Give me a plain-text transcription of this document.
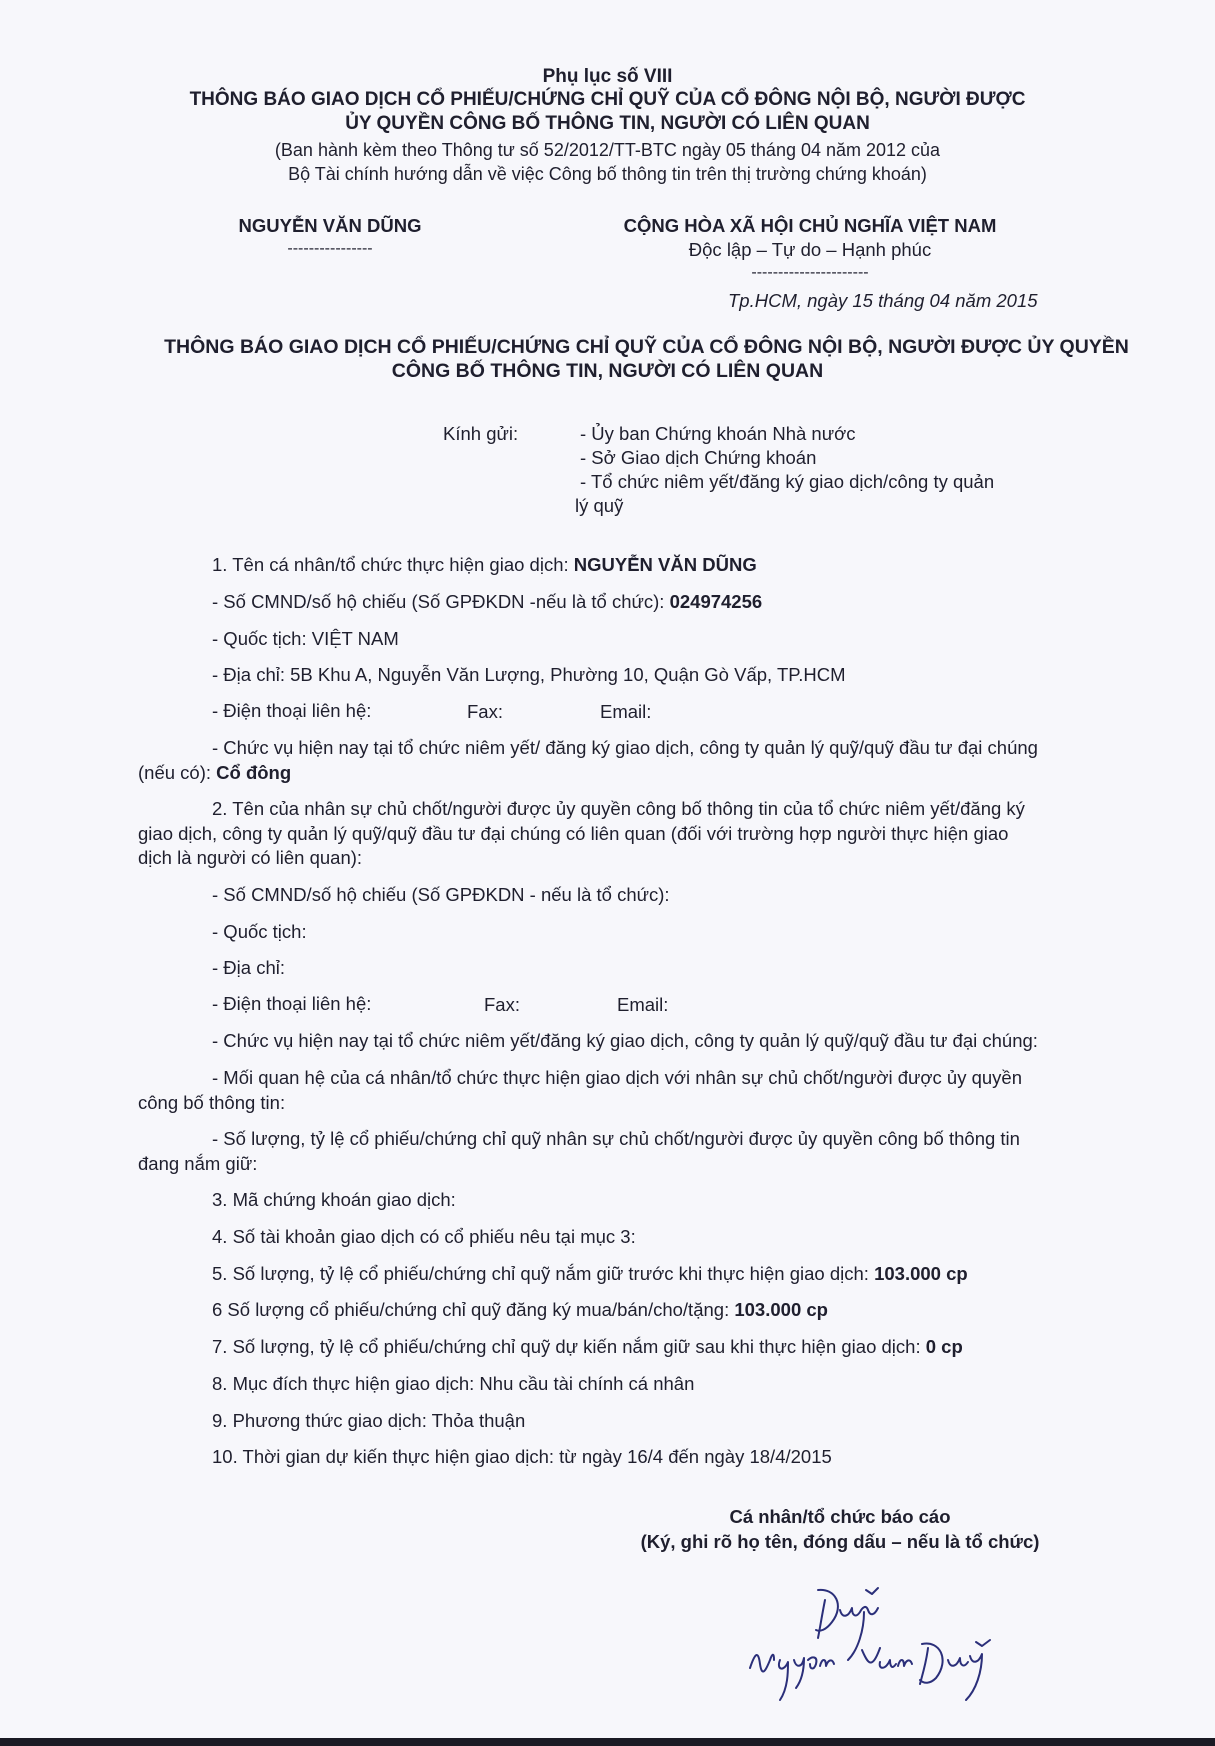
Phụ lục số VIII
THÔNG BÁO GIAO DỊCH CỔ PHIẾU/CHỨNG CHỈ QUỸ CỦA CỔ ĐÔNG NỘI BỘ, NGƯỜI ĐƯỢC
ỦY QUYỀN CÔNG BỐ THÔNG TIN, NGƯỜI CÓ LIÊN QUAN
(Ban hành kèm theo Thông tư số 52/2012/TT-BTC ngày 05 tháng 04 năm 2012 của
Bộ Tài chính hướng dẫn về việc Công bố thông tin trên thị trường chứng khoán)
NGUYỄN VĂN DŨNG
----------------
CỘNG HÒA XÃ HỘI CHỦ NGHĨA VIỆT NAM
Độc lập – Tự do – Hạnh phúc
----------------------
Tp.HCM, ngày 15 tháng 04 năm 2015
THÔNG BÁO GIAO DỊCH CỔ PHIẾU/CHỨNG CHỈ QUỸ CỦA CỔ ĐÔNG NỘI BỘ, NGƯỜI ĐƯỢC ỦY QUYỀN
CÔNG BỐ THÔNG TIN, NGƯỜI CÓ LIÊN QUAN
Kính gửi:	- Ủy ban Chứng khoán Nhà nước
- Sở Giao dịch Chứng khoán
- Tổ chức niêm yết/đăng ký giao dịch/công ty quản
lý quỹ
1. Tên cá nhân/tổ chức thực hiện giao dịch: NGUYỄN VĂN DŨNG
- Số CMND/số hộ chiếu (Số GPĐKDN -nếu là tổ chức): 024974256
- Quốc tịch: VIỆT NAM
- Địa chỉ: 5B Khu A, Nguyễn Văn Lượng, Phường 10, Quận Gò Vấp, TP.HCM
- Điện thoại liên hệ:	Fax:	Email:
- Chức vụ hiện nay tại tổ chức niêm yết/ đăng ký giao dịch, công ty quản lý quỹ/quỹ đầu tư đại chúng
(nếu có): Cổ đông
2. Tên của nhân sự chủ chốt/người được ủy quyền công bố thông tin của tổ chức niêm yết/đăng ký
giao dịch, công ty quản lý quỹ/quỹ đầu tư đại chúng có liên quan (đối với trường hợp người thực hiện giao
dịch là người có liên quan):
- Số CMND/số hộ chiếu (Số GPĐKDN - nếu là tổ chức):
- Quốc tịch:
- Địa chỉ:
- Điện thoại liên hệ:	Fax:	Email:
- Chức vụ hiện nay tại tổ chức niêm yết/đăng ký giao dịch, công ty quản lý quỹ/quỹ đầu tư đại chúng:
- Mối quan hệ của cá nhân/tổ chức thực hiện giao dịch với nhân sự chủ chốt/người được ủy quyền
công bố thông tin:
- Số lượng, tỷ lệ cổ phiếu/chứng chỉ quỹ nhân sự chủ chốt/người được ủy quyền công bố thông tin
đang nắm giữ:
3. Mã chứng khoán giao dịch:
4. Số tài khoản giao dịch có cổ phiếu nêu tại mục 3:
5. Số lượng, tỷ lệ cổ phiếu/chứng chỉ quỹ nắm giữ trước khi thực hiện giao dịch: 103.000 cp
6 Số lượng cổ phiếu/chứng chỉ quỹ đăng ký mua/bán/cho/tặng: 103.000 cp
7. Số lượng, tỷ lệ cổ phiếu/chứng chỉ quỹ dự kiến nắm giữ sau khi thực hiện giao dịch: 0 cp
8. Mục đích thực hiện giao dịch: Nhu cầu tài chính cá nhân
9. Phương thức giao dịch: Thỏa thuận
10. Thời gian dự kiến thực hiện giao dịch: từ ngày 16/4 đến ngày 18/4/2015
Cá nhân/tổ chức báo cáo
(Ký, ghi rõ họ tên, đóng dấu – nếu là tổ chức)
